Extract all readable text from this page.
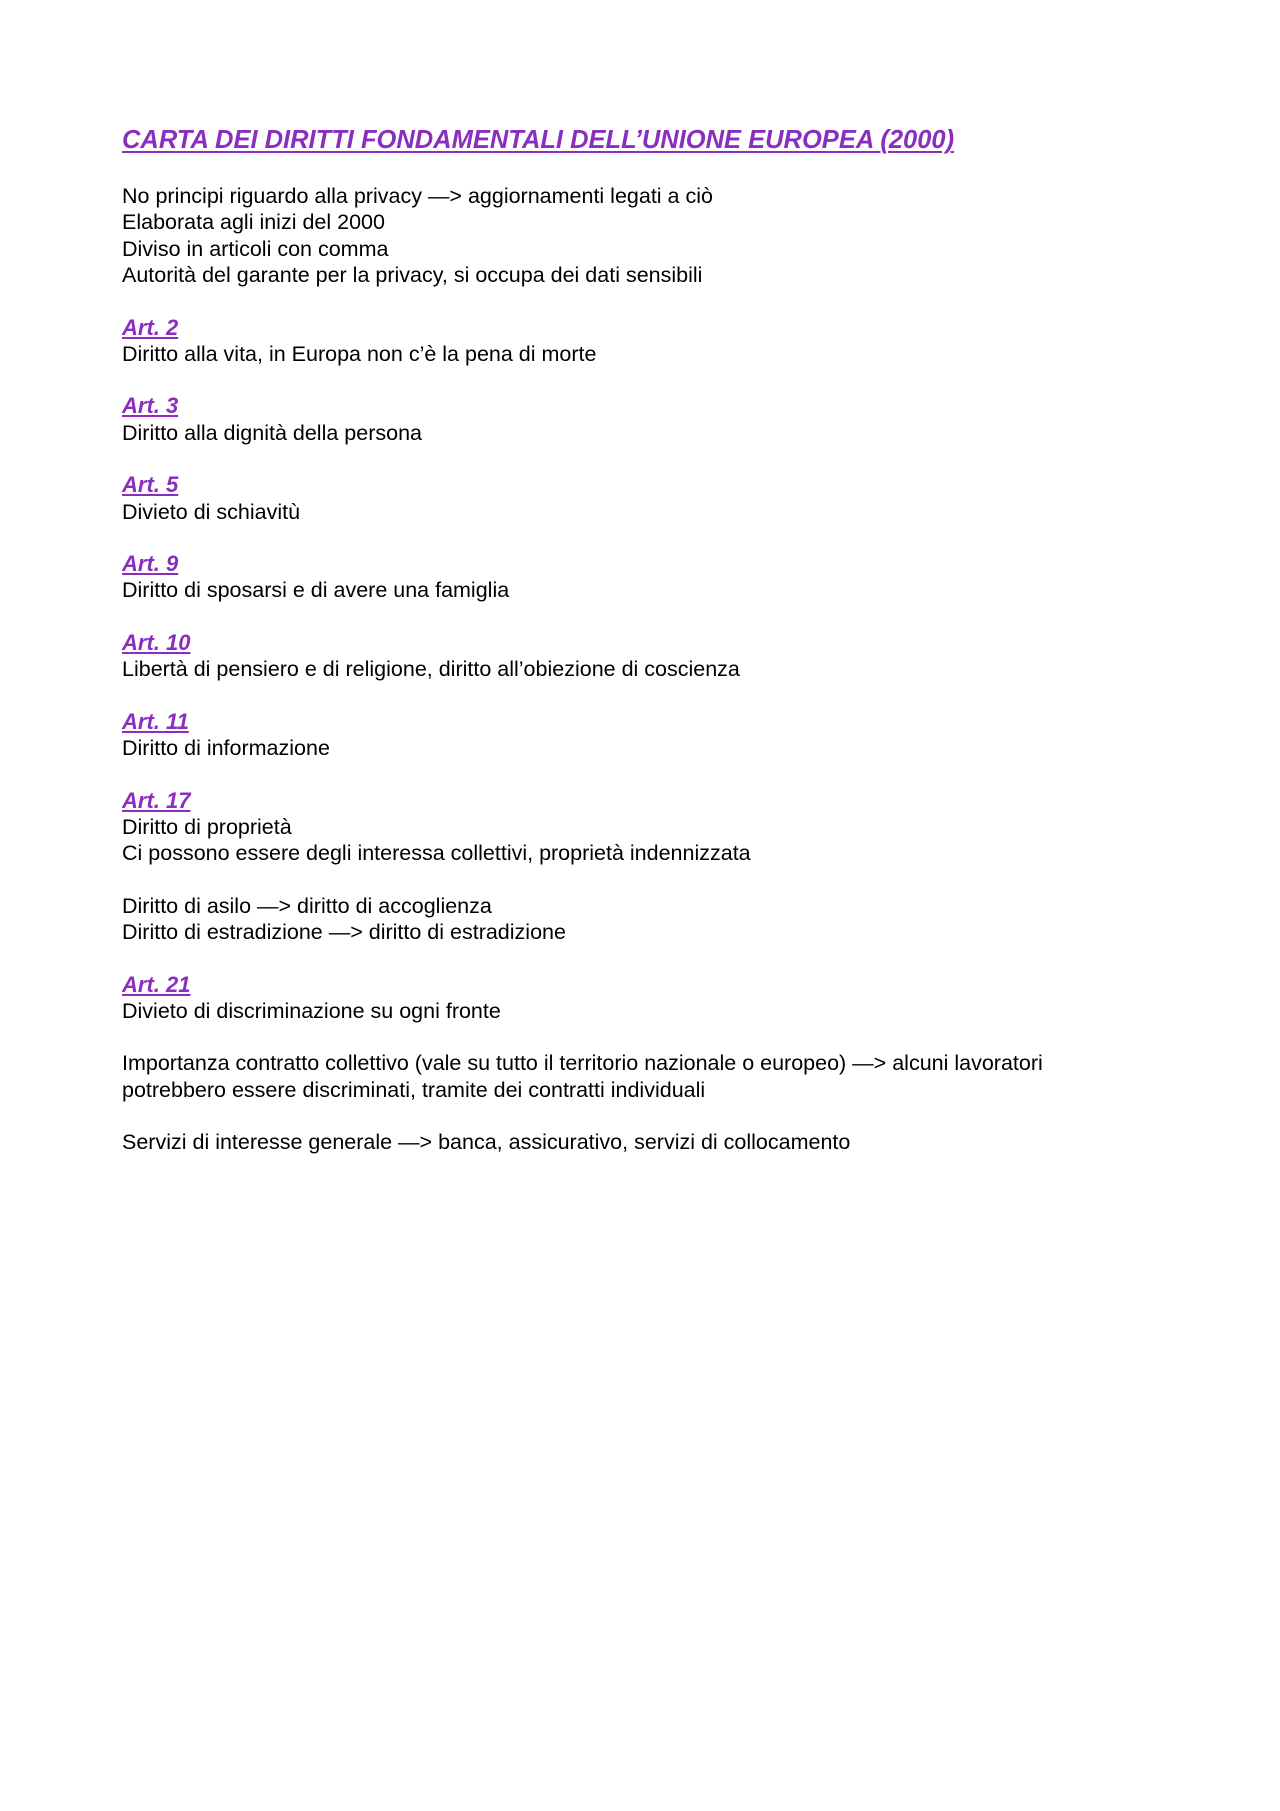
CARTA DEI DIRITTI FONDAMENTALI DELL’UNIONE EUROPEA (2000)
No principi riguardo alla privacy —> aggiornamenti legati a ciò
Elaborata agli inizi del 2000
Diviso in articoli con comma
Autorità del garante per la privacy, si occupa dei dati sensibili
Art. 2
Diritto alla vita, in Europa non c’è la pena di morte
Art. 3
Diritto alla dignità della persona
Art. 5
Divieto di schiavitù
Art. 9
Diritto di sposarsi e di avere una famiglia
Art. 10
Libertà di pensiero e di religione, diritto all’obiezione di coscienza
Art. 11
Diritto di informazione
Art. 17
Diritto di proprietà
Ci possono essere degli interessa collettivi, proprietà indennizzata
Diritto di asilo —> diritto di accoglienza
Diritto di estradizione —> diritto di estradizione
Art. 21
Divieto di discriminazione su ogni fronte
Importanza contratto collettivo (vale su tutto il territorio nazionale o europeo) —> alcuni lavoratori
potrebbero essere discriminati, tramite dei contratti individuali
Servizi di interesse generale —> banca, assicurativo, servizi di collocamento
